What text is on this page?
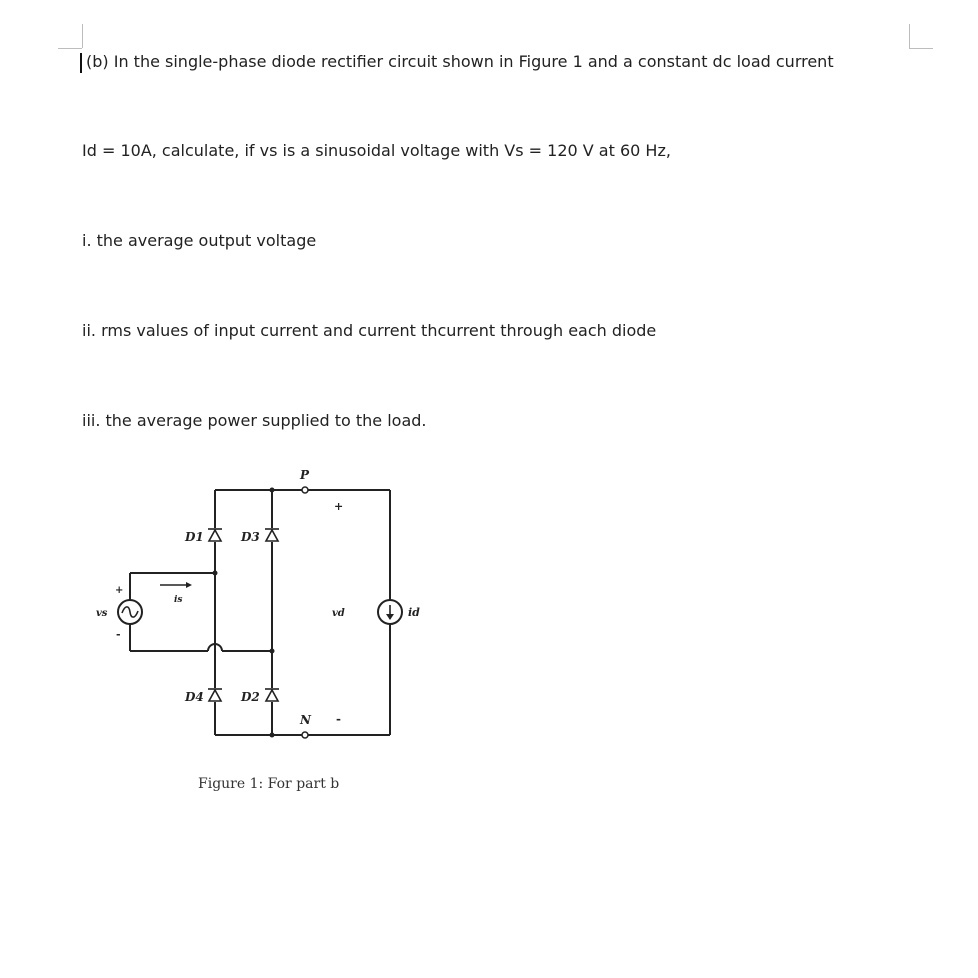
(b) In the single-phase diode rectifier circuit shown in Figure 1 and a constant dc load current
Id = 10A, calculate, if vs is a sinusoidal voltage with Vs = 120 V at 60 Hz,
i. the average output voltage
ii. rms values of input current and current thcurrent through each diode
iii. the average power supplied to the load.
P
N
+
-
vd	id
vs
is
+
-
D1	D3
D4	D2
Figure 1: For part b
